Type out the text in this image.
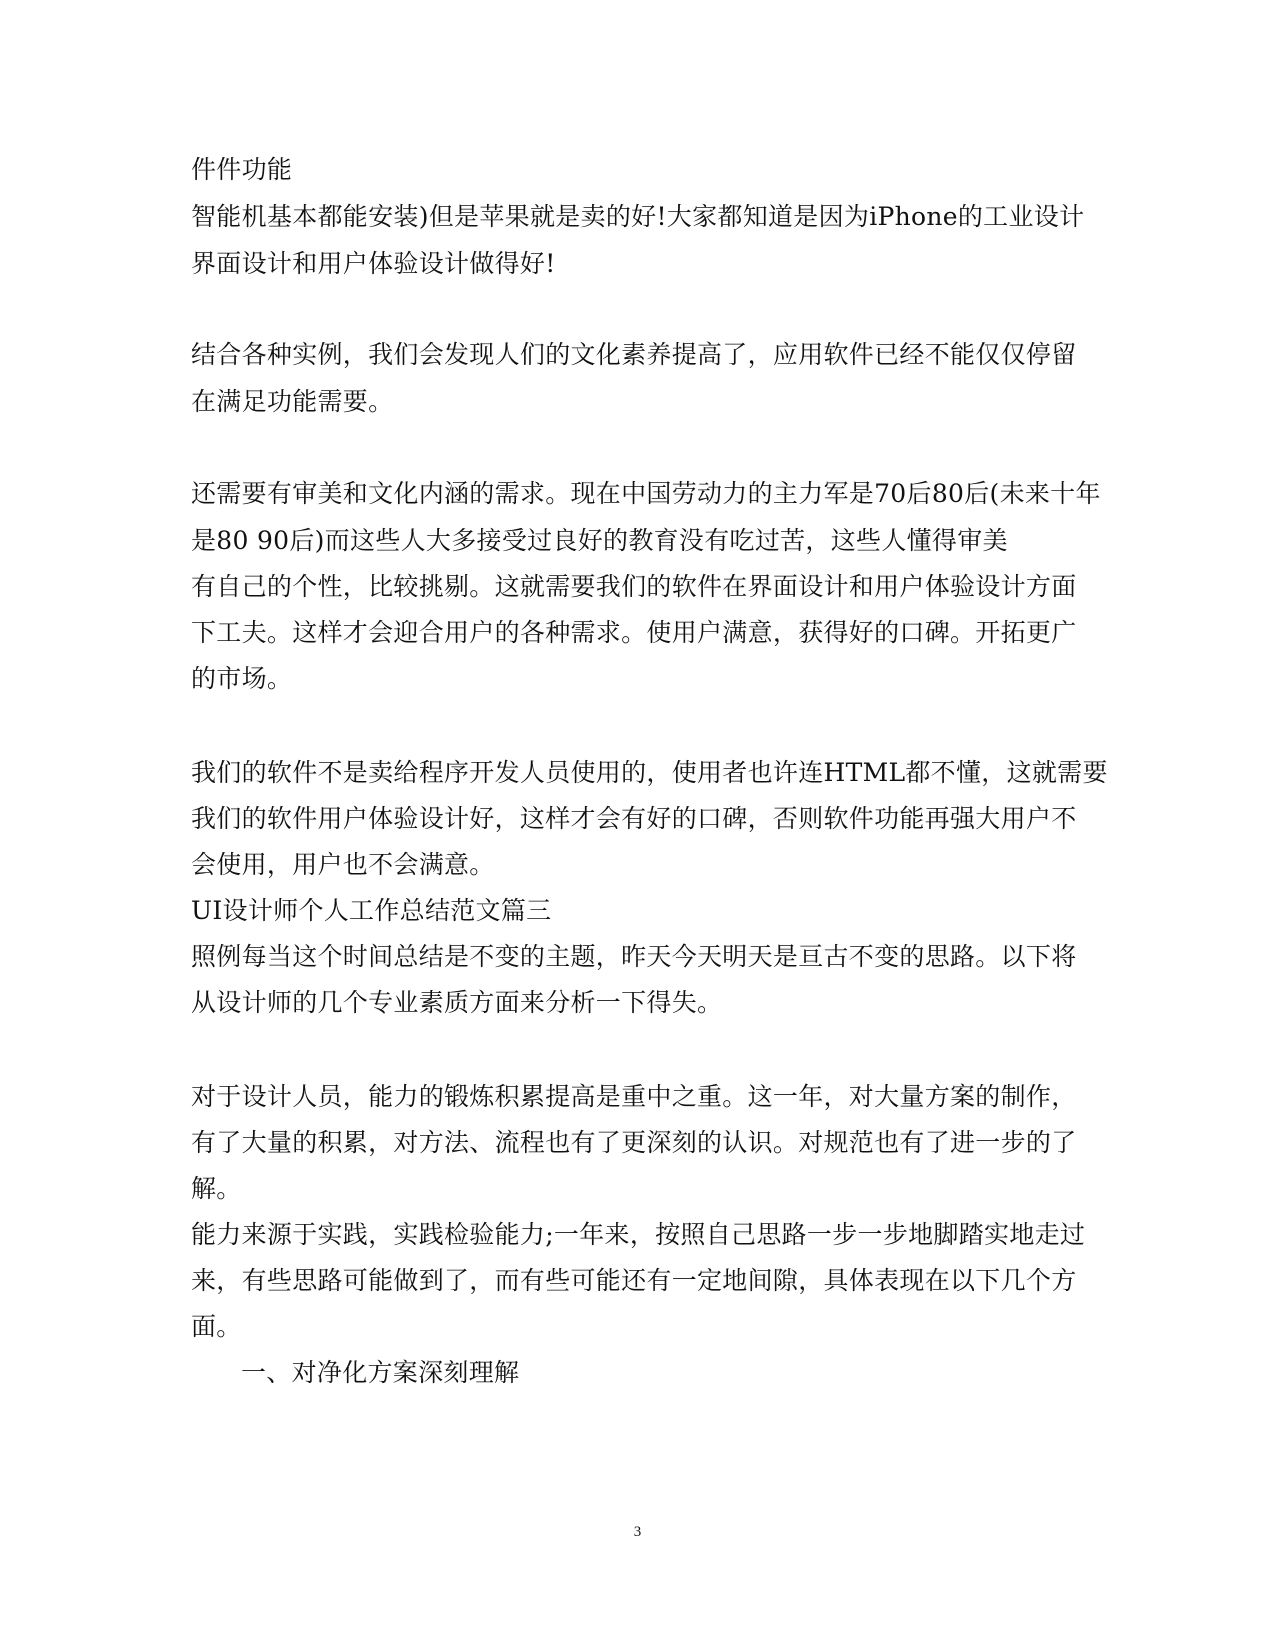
件件功能
智能机基本都能安装)但是苹果就是卖的好!大家都知道是因为iPhone的工业设计
界面设计和用户体验设计做得好!
结合各种实例，我们会发现人们的文化素养提高了，应用软件已经不能仅仅停留
在满足功能需要。
还需要有审美和文化内涵的需求。现在中国劳动力的主力军是70后80后(未来十年
是80 90后)而这些人大多接受过良好的教育没有吃过苦，这些人懂得审美
有自己的个性，比较挑剔。这就需要我们的软件在界面设计和用户体验设计方面
下工夫。这样才会迎合用户的各种需求。使用户满意，获得好的口碑。开拓更广
的市场。
我们的软件不是卖给程序开发人员使用的，使用者也许连HTML都不懂，这就需要
我们的软件用户体验设计好，这样才会有好的口碑，否则软件功能再强大用户不
会使用，用户也不会满意。
UI设计师个人工作总结范文篇三
照例每当这个时间总结是不变的主题，昨天今天明天是亘古不变的思路。以下将
从设计师的几个专业素质方面来分析一下得失。
对于设计人员，能力的锻炼积累提高是重中之重。这一年，对大量方案的制作，
有了大量的积累，对方法、流程也有了更深刻的认识。对规范也有了进一步的了
解。
能力来源于实践，实践检验能力;一年来，按照自己思路一步一步地脚踏实地走过
来，有些思路可能做到了，而有些可能还有一定地间隙，具体表现在以下几个方
面。
一、对净化方案深刻理解
3
